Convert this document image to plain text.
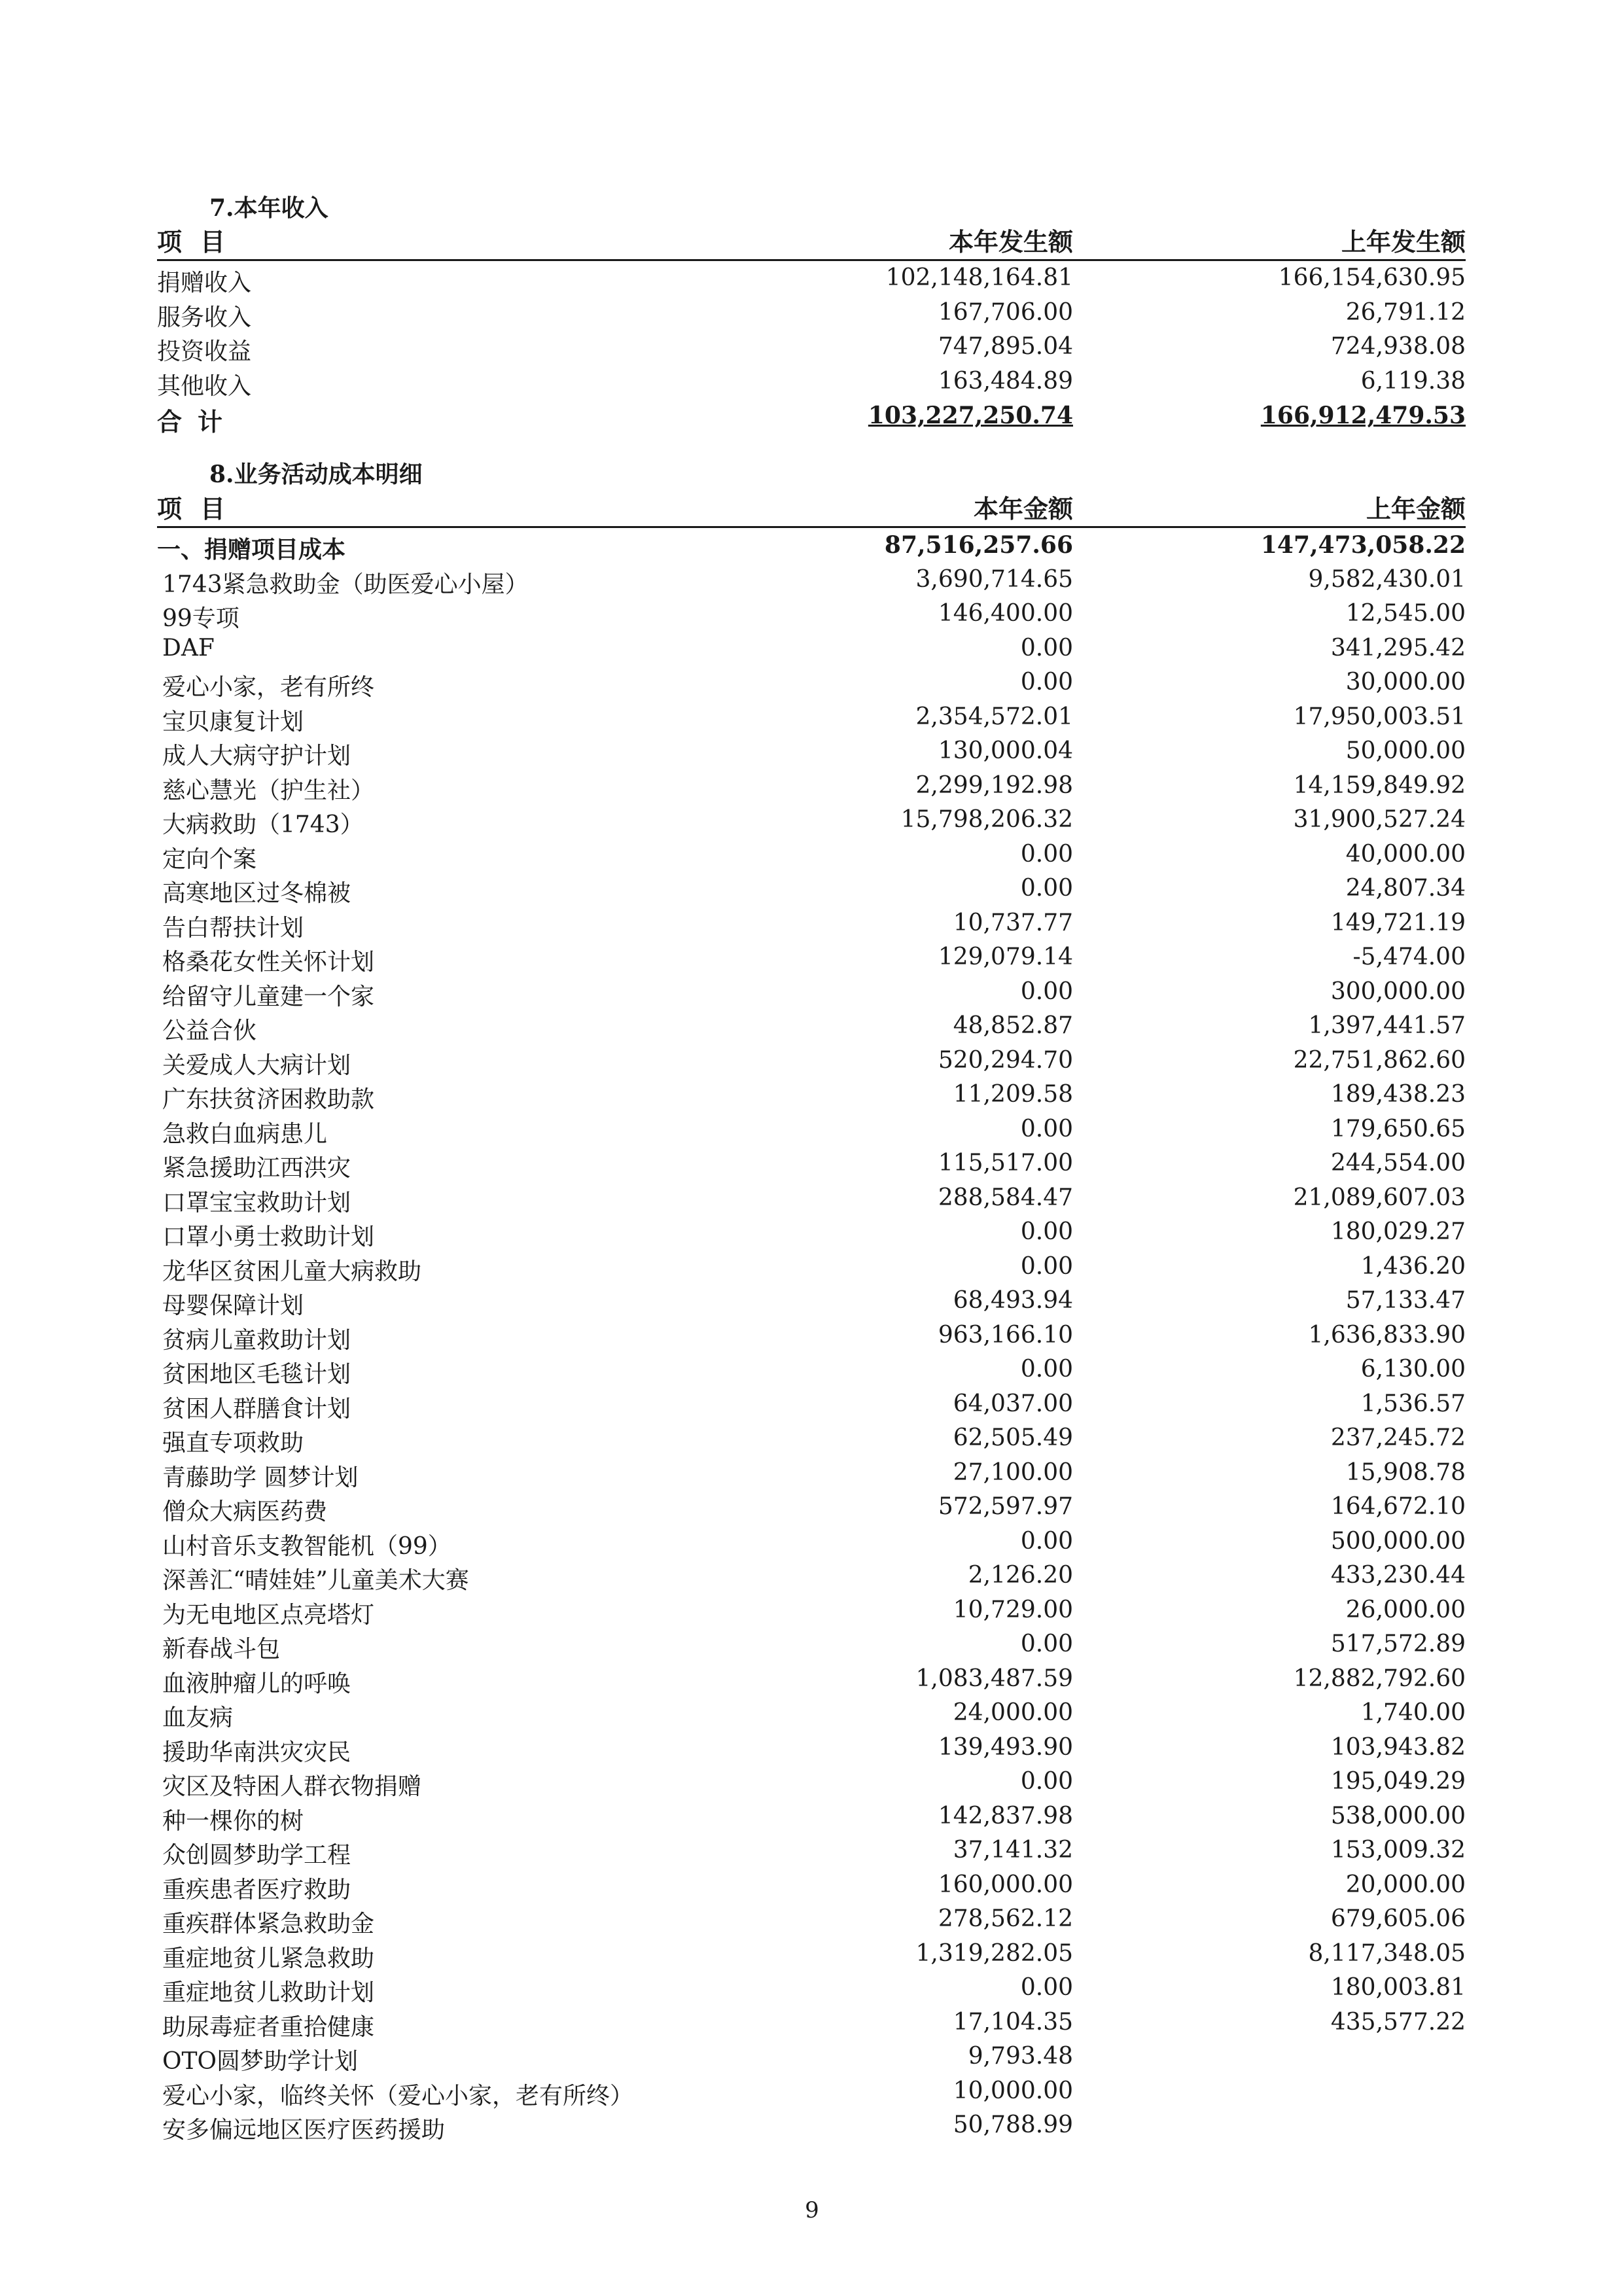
7.本年收入
项目	本年发生额	上年发生额
捐赠收入	102,148,164.81	166,154,630.95
服务收入	167,706.00	26,791.12
投资收益	747,895.04	724,938.08
其他收入	163,484.89	6,119.38
合计	103,227,250.74	166,912,479.53
8.业务活动成本明细
项目	本年金额	上年金额
一、捐赠项目成本	87,516,257.66	147,473,058.22
1743紧急救助金（助医爱心小屋）	3,690,714.65	9,582,430.01
99专项	146,400.00	12,545.00
DAF	0.00	341,295.42
爱心小家，老有所终	0.00	30,000.00
宝贝康复计划	2,354,572.01	17,950,003.51
成人大病守护计划	130,000.04	50,000.00
慈心慧光（护生社）	2,299,192.98	14,159,849.92
大病救助（1743）	15,798,206.32	31,900,527.24
定向个案	0.00	40,000.00
高寒地区过冬棉被	0.00	24,807.34
告白帮扶计划	10,737.77	149,721.19
格桑花女性关怀计划	129,079.14	-5,474.00
给留守儿童建一个家	0.00	300,000.00
公益合伙	48,852.87	1,397,441.57
关爱成人大病计划	520,294.70	22,751,862.60
广东扶贫济困救助款	11,209.58	189,438.23
急救白血病患儿	0.00	179,650.65
紧急援助江西洪灾	115,517.00	244,554.00
口罩宝宝救助计划	288,584.47	21,089,607.03
口罩小勇士救助计划	0.00	180,029.27
龙华区贫困儿童大病救助	0.00	1,436.20
母婴保障计划	68,493.94	57,133.47
贫病儿童救助计划	963,166.10	1,636,833.90
贫困地区毛毯计划	0.00	6,130.00
贫困人群膳食计划	64,037.00	1,536.57
强直专项救助	62,505.49	237,245.72
青藤助学 圆梦计划	27,100.00	15,908.78
僧众大病医药费	572,597.97	164,672.10
山村音乐支教智能机（99）	0.00	500,000.00
深善汇“晴娃娃”儿童美术大赛	2,126.20	433,230.44
为无电地区点亮塔灯	10,729.00	26,000.00
新春战斗包	0.00	517,572.89
血液肿瘤儿的呼唤	1,083,487.59	12,882,792.60
血友病	24,000.00	1,740.00
援助华南洪灾灾民	139,493.90	103,943.82
灾区及特困人群衣物捐赠	0.00	195,049.29
种一棵你的树	142,837.98	538,000.00
众创圆梦助学工程	37,141.32	153,009.32
重疾患者医疗救助	160,000.00	20,000.00
重疾群体紧急救助金	278,562.12	679,605.06
重症地贫儿紧急救助	1,319,282.05	8,117,348.05
重症地贫儿救助计划	0.00	180,003.81
助尿毒症者重拾健康	17,104.35	435,577.22
OTO圆梦助学计划	9,793.48
爱心小家，临终关怀（爱心小家，老有所终）	10,000.00
安多偏远地区医疗医药援助	50,788.99
9
